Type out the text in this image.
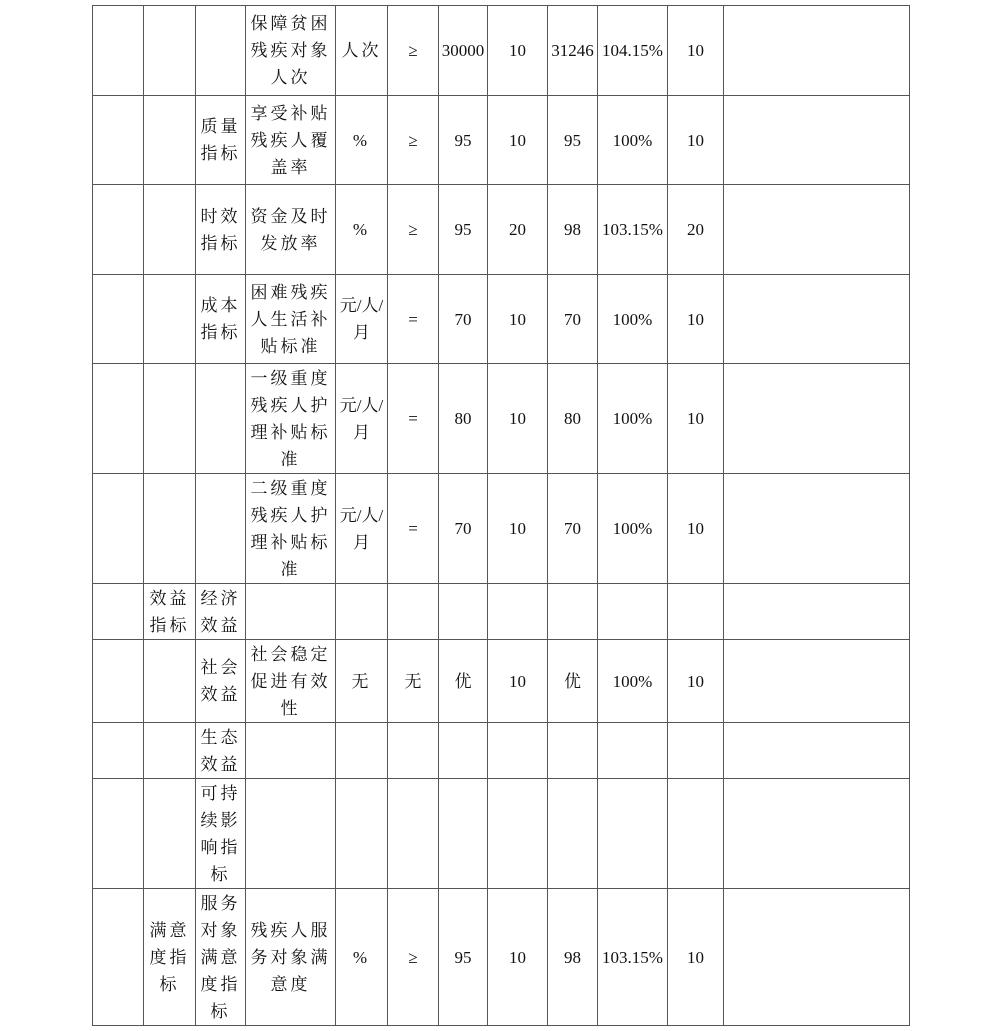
			保障贫困残疾对象人次	人次	≥	30000	10	31246	104.15%	10	
		质量指标	享受补贴残疾人覆盖率	%	≥	95	10	95	100%	10	
		时效指标	资金及时发放率	%	≥	95	20	98	103.15%	20	
		成本指标	困难残疾人生活补贴标准	元/人/月	=	70	10	70	100%	10	
			一级重度残疾人护理补贴标准	元/人/月	=	80	10	80	100%	10	
			二级重度残疾人护理补贴标准	元/人/月	=	70	10	70	100%	10	
	效益指标	经济效益									
		社会效益	社会稳定促进有效性	无	无	优	10	优	100%	10	
		生态效益									
		可持续影响指标									
	满意度指标	服务对象满意度指标	残疾人服务对象满意度	%	≥	95	10	98	103.15%	10	
